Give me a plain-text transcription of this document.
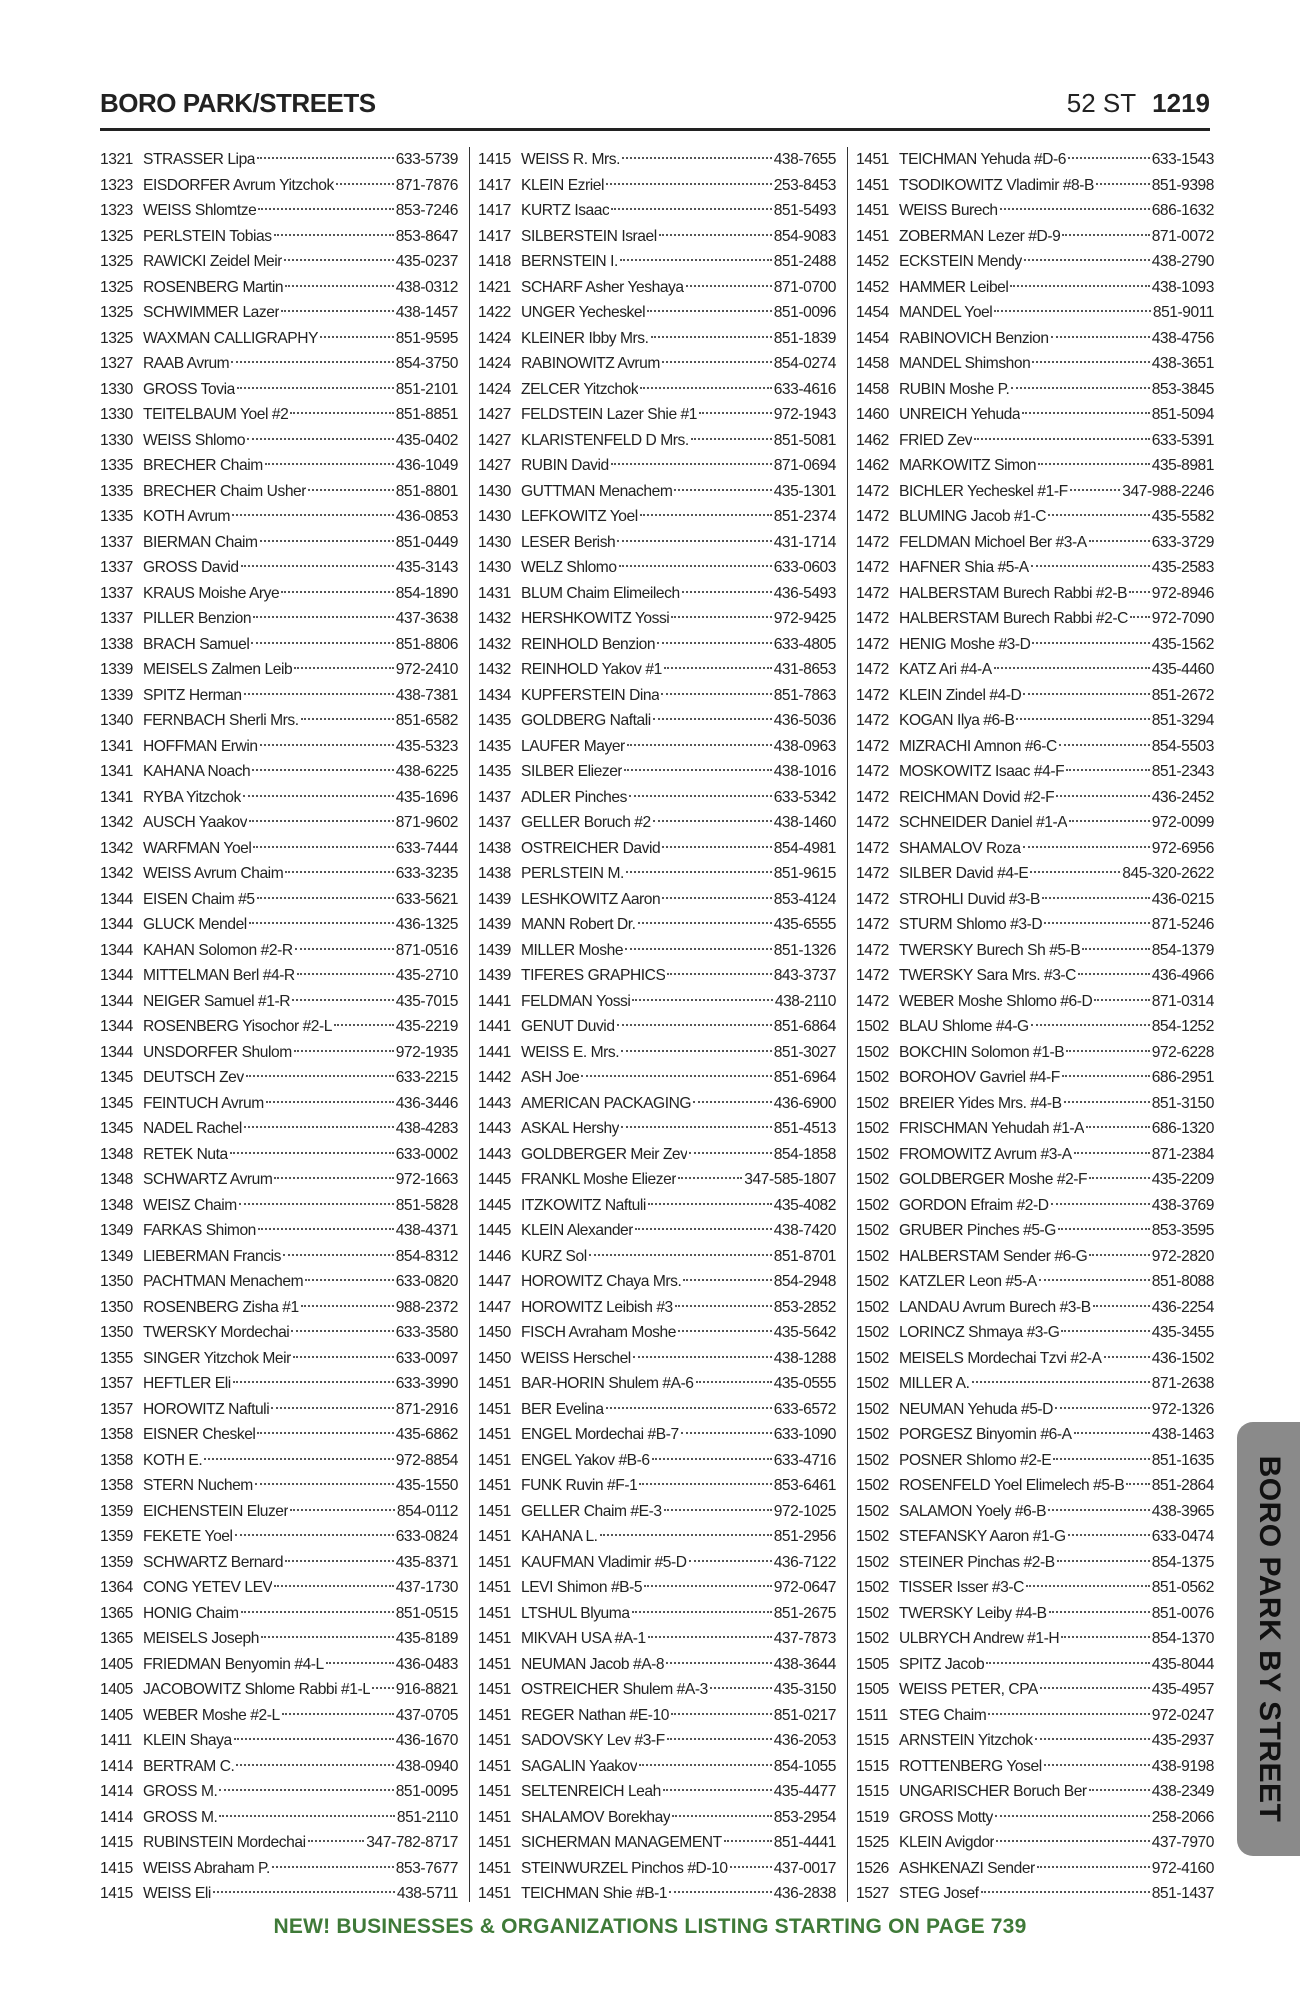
BORO PARK/STREETS	52 ST 1219
1321 STRASSER Lipa	633-5739
1323 EISDORFER Avrum Yitzchok	871-7876
1323 WEISS Shlomtze	853-7246
1325 PERLSTEIN Tobias	853-8647
1325 RAWICKI Zeidel Meir	435-0237
1325 ROSENBERG Martin	438-0312
1325 SCHWIMMER Lazer	438-1457
1325 WAXMAN CALLIGRAPHY	851-9595
1327 RAAB Avrum	854-3750
1330 GROSS Tovia	851-2101
1330 TEITELBAUM Yoel #2	851-8851
1330 WEISS Shlomo	435-0402
1335 BRECHER Chaim	436-1049
1335 BRECHER Chaim Usher	851-8801
1335 KOTH Avrum	436-0853
1337 BIERMAN Chaim	851-0449
1337 GROSS David	435-3143
1337 KRAUS Moishe Arye	854-1890
1337 PILLER Benzion	437-3638
1338 BRACH Samuel	851-8806
1339 MEISELS Zalmen Leib	972-2410
1339 SPITZ Herman	438-7381
1340 FERNBACH Sherli Mrs.	851-6582
1341 HOFFMAN Erwin	435-5323
1341 KAHANA Noach	438-6225
1341 RYBA Yitzchok	435-1696
1342 AUSCH Yaakov	871-9602
1342 WARFMAN Yoel	633-7444
1342 WEISS Avrum Chaim	633-3235
1344 EISEN Chaim #5	633-5621
1344 GLUCK Mendel	436-1325
1344 KAHAN Solomon #2-R	871-0516
1344 MITTELMAN Berl #4-R	435-2710
1344 NEIGER Samuel #1-R	435-7015
1344 ROSENBERG Yisochor #2-L	435-2219
1344 UNSDORFER Shulom	972-1935
1345 DEUTSCH Zev	633-2215
1345 FEINTUCH Avrum	436-3446
1345 NADEL Rachel	438-4283
1348 RETEK Nuta	633-0002
1348 SCHWARTZ Avrum	972-1663
1348 WEISZ Chaim	851-5828
1349 FARKAS Shimon	438-4371
1349 LIEBERMAN Francis	854-8312
1350 PACHTMAN Menachem	633-0820
1350 ROSENBERG Zisha #1	988-2372
1350 TWERSKY Mordechai	633-3580
1355 SINGER Yitzchok Meir	633-0097
1357 HEFTLER Eli	633-3990
1357 HOROWITZ Naftuli	871-2916
1358 EISNER Cheskel	435-6862
1358 KOTH E.	972-8854
1358 STERN Nuchem	435-1550
1359 EICHENSTEIN Eluzer	854-0112
1359 FEKETE Yoel	633-0824
1359 SCHWARTZ Bernard	435-8371
1364 CONG YETEV LEV	437-1730
1365 HONIG Chaim	851-0515
1365 MEISELS Joseph	435-8189
1405 FRIEDMAN Benyomin #4-L	436-0483
1405 JACOBOWITZ Shlome Rabbi #1-L 916-8821
1405 WEBER Moshe #2-L	437-0705
1411 KLEIN Shaya	436-1670
1414 BERTRAM C.	438-0940
1414 GROSS M.	851-0095
1414 GROSS M.	851-2110
1415 RUBINSTEIN Mordechai	347-782-8717
1415 WEISS Abraham P.	853-7677
1415 WEISS Eli	438-5711
1415 WEISS R. Mrs.	438-7655
1417 KLEIN Ezriel	253-8453
1417 KURTZ Isaac	851-5493
1417 SILBERSTEIN Israel	854-9083
1418 BERNSTEIN I.	851-2488
1421 SCHARF Asher Yeshaya	871-0700
1422 UNGER Yecheskel	851-0096
1424 KLEINER Ibby Mrs.	851-1839
1424 RABINOWITZ Avrum	854-0274
1424 ZELCER Yitzchok	633-4616
1427 FELDSTEIN Lazer Shie #1	972-1943
1427 KLARISTENFELD D Mrs.	851-5081
1427 RUBIN David	871-0694
1430 GUTTMAN Menachem	435-1301
1430 LEFKOWITZ Yoel	851-2374
1430 LESER Berish	431-1714
1430 WELZ Shlomo	633-0603
1431 BLUM Chaim Elimeilech	436-5493
1432 HERSHKOWITZ Yossi	972-9425
1432 REINHOLD Benzion	633-4805
1432 REINHOLD Yakov #1	431-8653
1434 KUPFERSTEIN Dina	851-7863
1435 GOLDBERG Naftali	436-5036
1435 LAUFER Mayer	438-0963
1435 SILBER Eliezer	438-1016
1437 ADLER Pinches	633-5342
1437 GELLER Boruch #2	438-1460
1438 OSTREICHER David	854-4981
1438 PERLSTEIN M.	851-9615
1439 LESHKOWITZ Aaron	853-4124
1439 MANN Robert Dr.	435-6555
1439 MILLER Moshe	851-1326
1439 TIFERES GRAPHICS	843-3737
1441 FELDMAN Yossi	438-2110
1441 GENUT Duvid	851-6864
1441 WEISS E. Mrs.	851-3027
1442 ASH Joe	851-6964
1443 AMERICAN PACKAGING	436-6900
1443 ASKAL Hershy	851-4513
1443 GOLDBERGER Meir Zev	854-1858
1445 FRANKL Moshe Eliezer	347-585-1807
1445 ITZKOWITZ Naftuli	435-4082
1445 KLEIN Alexander	438-7420
1446 KURZ Sol	851-8701
1447 HOROWITZ Chaya Mrs.	854-2948
1447 HOROWITZ Leibish #3	853-2852
1450 FISCH Avraham Moshe	435-5642
1450 WEISS Herschel	438-1288
1451 BAR-HORIN Shulem #A-6	435-0555
1451 BER Evelina	633-6572
1451 ENGEL Mordechai #B-7	633-1090
1451 ENGEL Yakov #B-6	633-4716
1451 FUNK Ruvin #F-1	853-6461
1451 GELLER Chaim #E-3	972-1025
1451 KAHANA L.	851-2956
1451 KAUFMAN Vladimir #5-D	436-7122
1451 LEVI Shimon #B-5	972-0647
1451 LTSHUL Blyuma	851-2675
1451 MIKVAH USA #A-1	437-7873
1451 NEUMAN Jacob #A-8	438-3644
1451 OSTREICHER Shulem #A-3	435-3150
1451 REGER Nathan #E-10	851-0217
1451 SADOVSKY Lev #3-F	436-2053
1451 SAGALIN Yaakov	854-1055
1451 SELTENREICH Leah	435-4477
1451 SHALAMOV Borekhay	853-2954
1451 SICHERMAN MANAGEMENT	851-4441
1451 STEINWURZEL Pinchos #D-10	437-0017
1451 TEICHMAN Shie #B-1	436-2838
1451 TEICHMAN Yehuda #D-6	633-1543
1451 TSODIKOWITZ Vladimir #8-B	851-9398
1451 WEISS Burech	686-1632
1451 ZOBERMAN Lezer #D-9	871-0072
1452 ECKSTEIN Mendy	438-2790
1452 HAMMER Leibel	438-1093
1454 MANDEL Yoel	851-9011
1454 RABINOVICH Benzion	438-4756
1458 MANDEL Shimshon	438-3651
1458 RUBIN Moshe P.	853-3845
1460 UNREICH Yehuda	851-5094
1462 FRIED Zev	633-5391
1462 MARKOWITZ Simon	435-8981
1472 BICHLER Yecheskel #1-F	347-988-2246
1472 BLUMING Jacob #1-C	435-5582
1472 FELDMAN Michoel Ber #3-A	633-3729
1472 HAFNER Shia #5-A	435-2583
1472 HALBERSTAM Burech Rabbi #2-B 972-8946
1472 HALBERSTAM Burech Rabbi #2-C 972-7090
1472 HENIG Moshe #3-D	435-1562
1472 KATZ Ari #4-A	435-4460
1472 KLEIN Zindel #4-D	851-2672
1472 KOGAN Ilya #6-B	851-3294
1472 MIZRACHI Amnon #6-C	854-5503
1472 MOSKOWITZ Isaac #4-F	851-2343
1472 REICHMAN Dovid #2-F	436-2452
1472 SCHNEIDER Daniel #1-A	972-0099
1472 SHAMALOV Roza	972-6956
1472 SILBER David #4-E	845-320-2622
1472 STROHLI Duvid #3-B	436-0215
1472 STURM Shlomo #3-D	871-5246
1472 TWERSKY Burech Sh #5-B	854-1379
1472 TWERSKY Sara Mrs. #3-C	436-4966
1472 WEBER Moshe Shlomo #6-D	871-0314
1502 BLAU Shlome #4-G	854-1252
1502 BOKCHIN Solomon #1-B	972-6228
1502 BOROHOV Gavriel #4-F	686-2951
1502 BREIER Yides Mrs. #4-B	851-3150
1502 FRISCHMAN Yehudah #1-A	686-1320
1502 FROMOWITZ Avrum #3-A	871-2384
1502 GOLDBERGER Moshe #2-F	435-2209
1502 GORDON Efraim #2-D	438-3769
1502 GRUBER Pinches #5-G	853-3595
1502 HALBERSTAM Sender #6-G	972-2820
1502 KATZLER Leon #5-A	851-8088
1502 LANDAU Avrum Burech #3-B	436-2254
1502 LORINCZ Shmaya #3-G	435-3455
1502 MEISELS Mordechai Tzvi #2-A	436-1502
1502 MILLER A.	871-2638
1502 NEUMAN Yehuda #5-D	972-1326
1502 PORGESZ Binyomin #6-A	438-1463
1502 POSNER Shlomo #2-E	851-1635
1502 ROSENFELD Yoel Elimelech #5-B 851-2864
1502 SALAMON Yoely #6-B	438-3965
1502 STEFANSKY Aaron #1-G	633-0474
1502 STEINER Pinchas #2-B	854-1375
1502 TISSER Isser #3-C	851-0562
1502 TWERSKY Leiby #4-B	851-0076
1502 ULBRYCH Andrew #1-H	854-1370
1505 SPITZ Jacob	435-8044
1505 WEISS PETER, CPA	435-4957
1511 STEG Chaim	972-0247
1515 ARNSTEIN Yitzchok	435-2937
1515 ROTTENBERG Yosel	438-9198
1515 UNGARISCHER Boruch Ber	438-2349
1519 GROSS Motty	258-2066
1525 KLEIN Avigdor	437-7970
1526 ASHKENAZI Sender	972-4160
1527 STEG Josef	851-1437
BORO PARK BY STREET
NEW! BUSINESSES & ORGANIZATIONS LISTING STARTING ON PAGE 739
